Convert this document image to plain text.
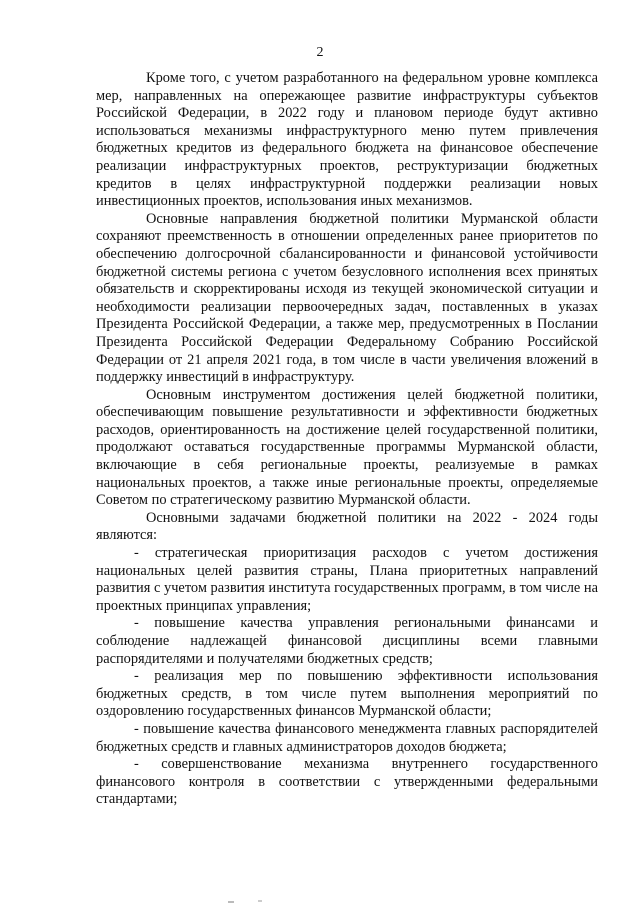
2

Кроме того, с учетом разработанного на федеральном уровне комплекса мер, направленных на опережающее развитие инфраструктуры субъектов Российской Федерации, в 2022 году и плановом периоде будут активно использоваться механизмы инфраструктурного меню путем привлечения бюджетных кредитов из федерального бюджета на финансовое обеспечение реализации инфраструктурных проектов, реструктуризации бюджетных кредитов в целях инфраструктурной поддержки реализации новых инвестиционных проектов, использования иных механизмов.

Основные направления бюджетной политики Мурманской области сохраняют преемственность в отношении определенных ранее приоритетов по обеспечению долгосрочной сбалансированности и финансовой устойчивости бюджетной системы региона с учетом безусловного исполнения всех принятых обязательств и скорректированы исходя из текущей экономической ситуации и необходимости реализации первоочередных задач, поставленных в указах Президента Российской Федерации, а также мер, предусмотренных в Послании Президента Российской Федерации Федеральному Собранию Российской Федерации от 21 апреля 2021 года, в том числе в части увеличения вложений в поддержку инвестиций в инфраструктуру.

Основным инструментом достижения целей бюджетной политики, обеспечивающим повышение результативности и эффективности бюджетных расходов, ориентированность на достижение целей государственной политики, продолжают оставаться государственные программы Мурманской области, включающие в себя региональные проекты, реализуемые в рамках национальных проектов, а также иные региональные проекты, определяемые Советом по стратегическому развитию Мурманской области.

Основными задачами бюджетной политики на 2022 - 2024 годы являются:

- стратегическая приоритизация расходов с учетом достижения национальных целей развития страны, Плана приоритетных направлений развития с учетом развития института государственных программ, в том числе на проектных принципах управления;

- повышение качества управления региональными финансами и соблюдение надлежащей финансовой дисциплины всеми главными распорядителями и получателями бюджетных средств;

- реализация мер по повышению эффективности использования бюджетных средств, в том числе путем выполнения мероприятий по оздоровлению государственных финансов Мурманской области;

- повышение качества финансового менеджмента главных распорядителей бюджетных средств и главных администраторов доходов бюджета;

- совершенствование механизма внутреннего государственного финансового контроля в соответствии с утвержденными федеральными стандартами;
